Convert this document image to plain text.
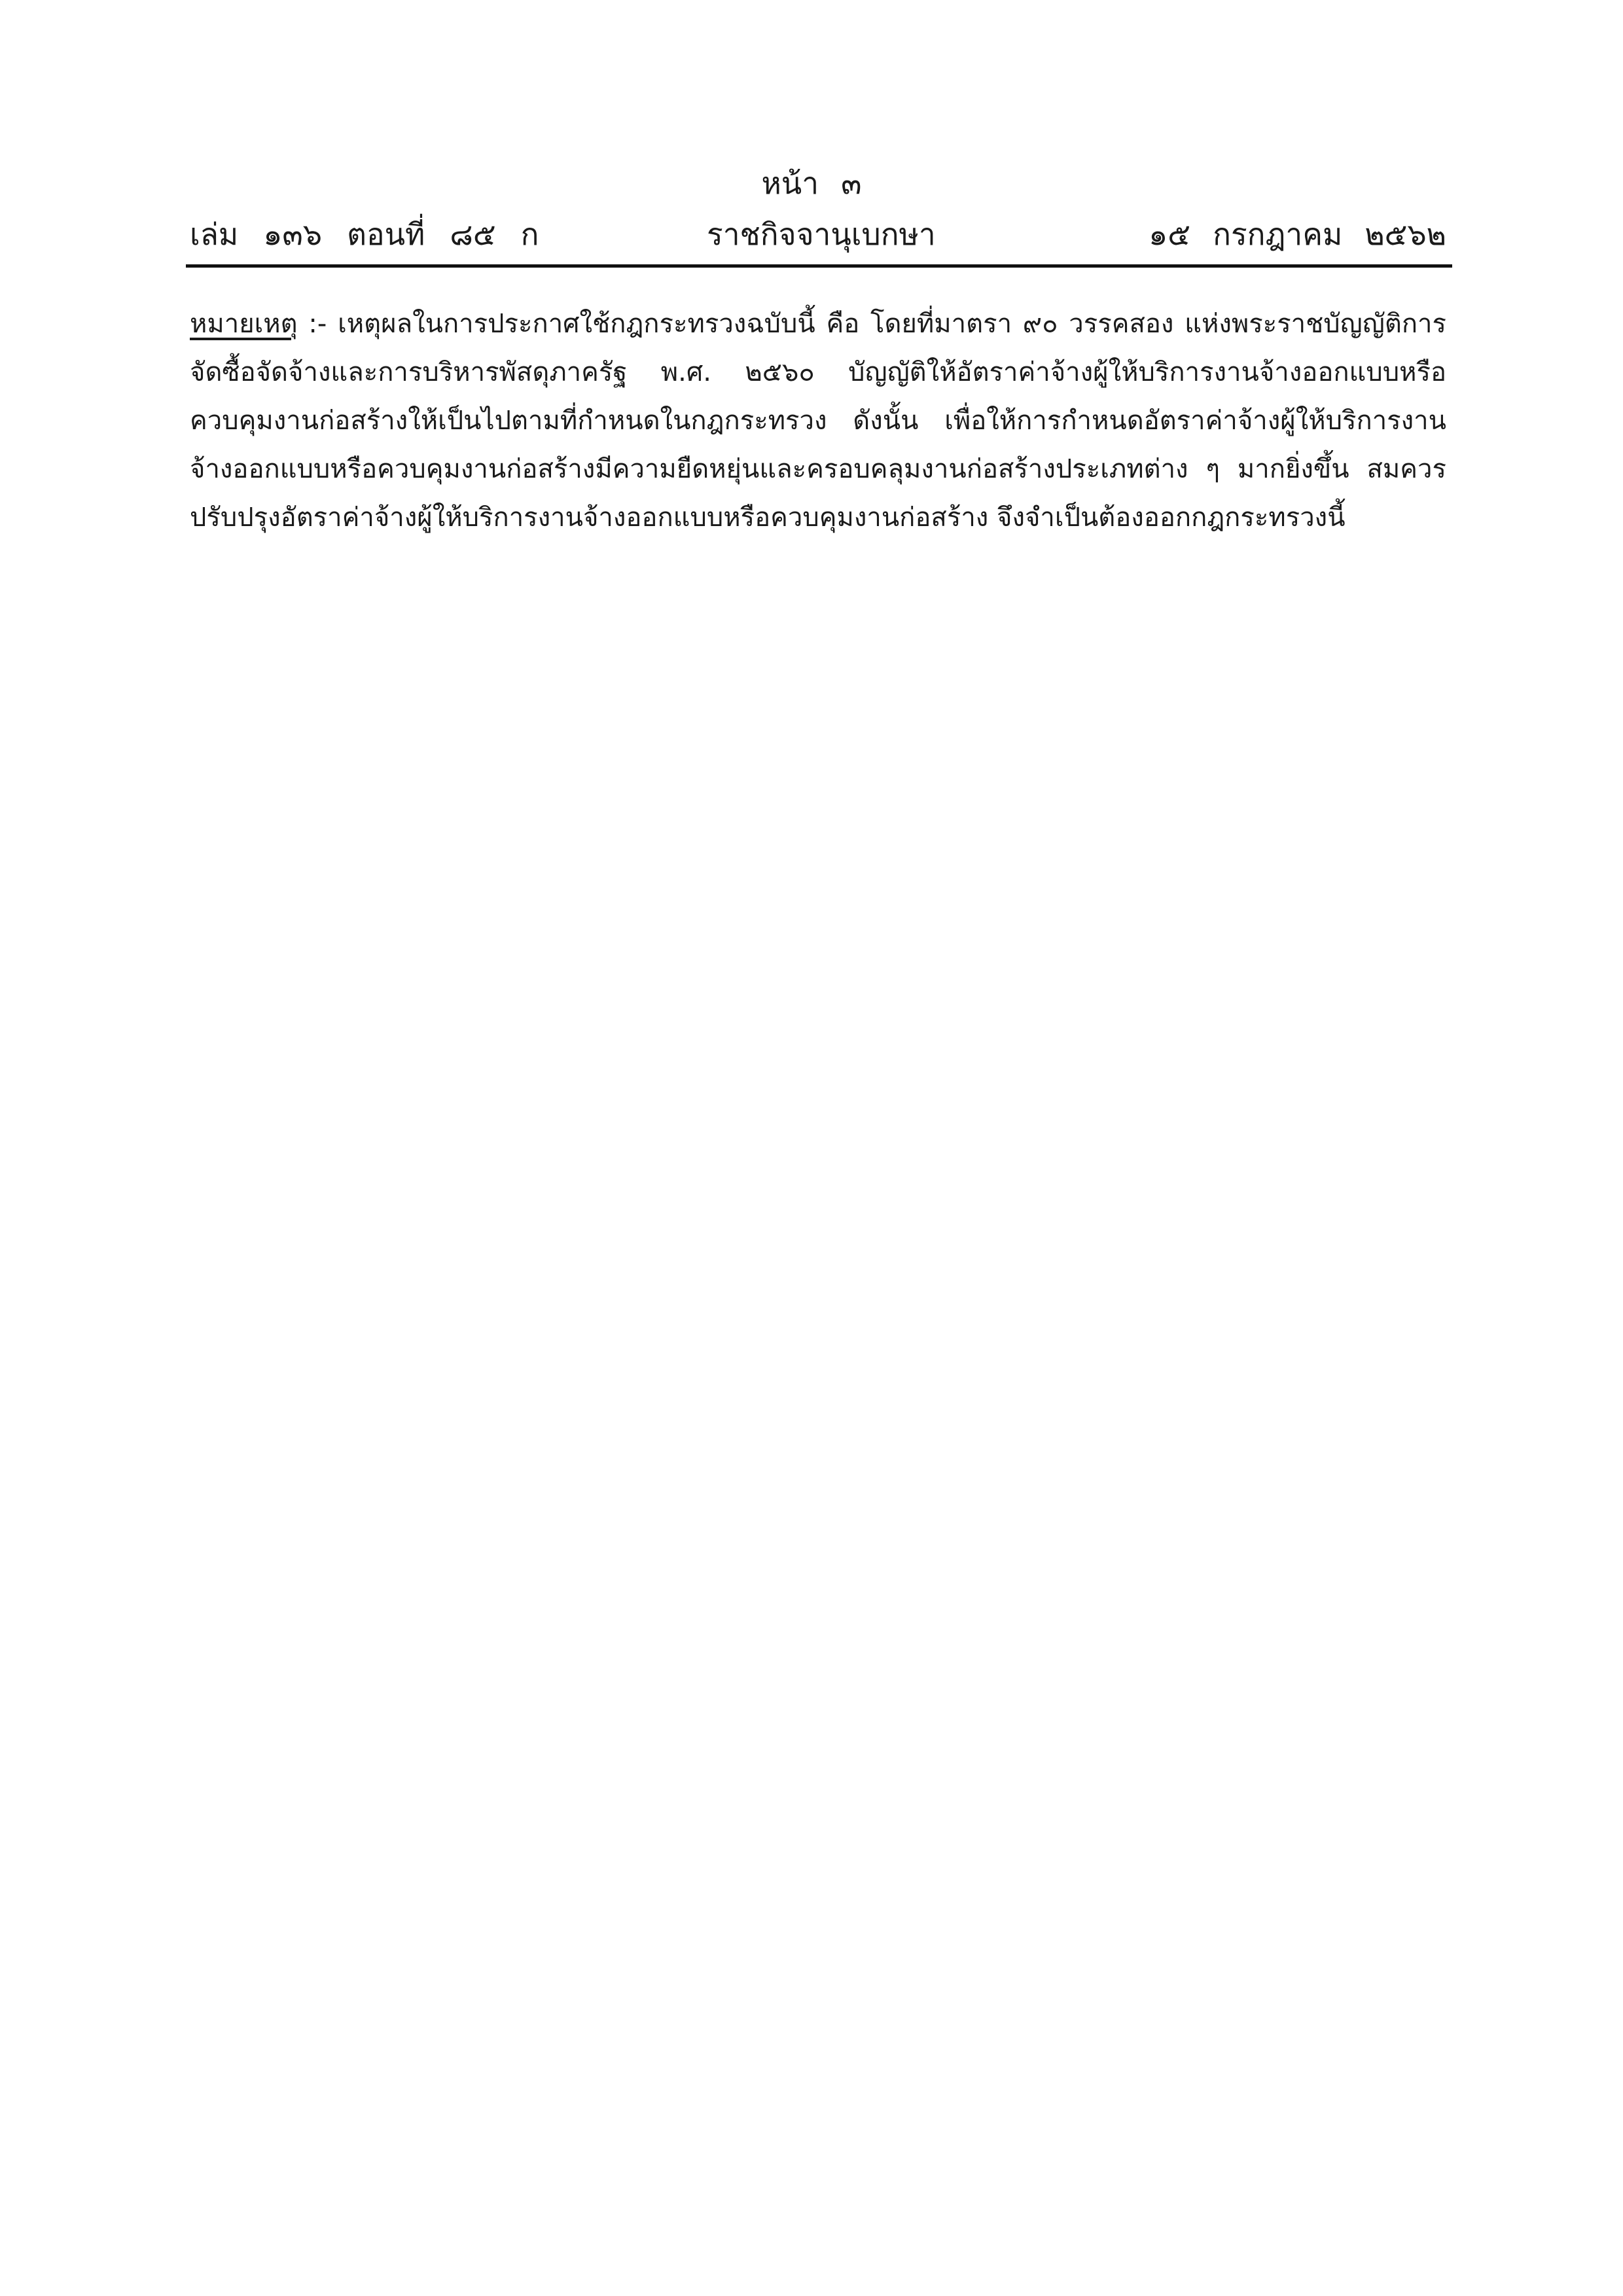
หน้า ๓
เล่ม ๑๓๖ ตอนที่ ๘๕ ก	ราชกิจจานุเบกษา	๑๕ กรกฎาคม ๒๕๖๒
หมายเหตุ :- เหตุผลในการประกาศใช้กฎกระทรวงฉบับนี้ คือ โดยที่มาตรา ๙๐ วรรคสอง แห่งพระราชบัญญัติการจัดซื้อจัดจ้างและการบริหารพัสดุภาครัฐ พ.ศ. ๒๕๖๐ บัญญัติให้อัตราค่าจ้างผู้ให้บริการงานจ้างออกแบบหรือควบคุมงานก่อสร้างให้เป็นไปตามที่กำหนดในกฎกระทรวง ดังนั้น เพื่อให้การกำหนดอัตราค่าจ้างผู้ให้บริการงานจ้างออกแบบหรือควบคุมงานก่อสร้างมีความยืดหยุ่นและครอบคลุมงานก่อสร้างประเภทต่าง ๆ มากยิ่งขึ้น สมควรปรับปรุงอัตราค่าจ้างผู้ให้บริการงานจ้างออกแบบหรือควบคุมงานก่อสร้าง จึงจำเป็นต้องออกกฎกระทรวงนี้
